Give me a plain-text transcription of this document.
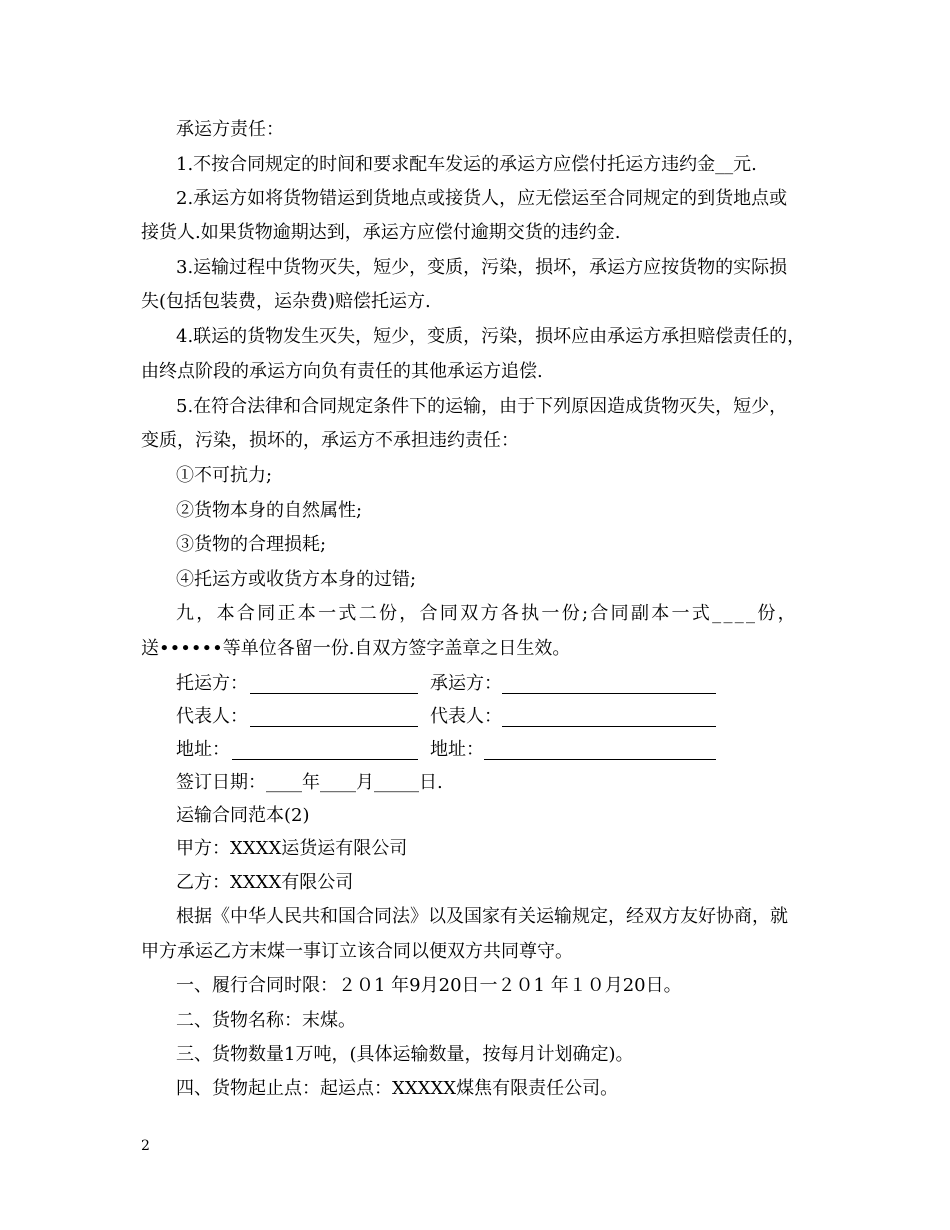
承运方责任：
1.不按合同规定的时间和要求配车发运的承运方应偿付托运方违约金__元.
2.承运方如将货物错运到货地点或接货人，应无偿运至合同规定的到货地点或
接货人.如果货物逾期达到，承运方应偿付逾期交货的违约金.
3.运输过程中货物灭失，短少，变质，污染，损坏，承运方应按货物的实际损
失(包括包装费，运杂费)赔偿托运方.
4.联运的货物发生灭失，短少，变质，污染，损坏应由承运方承担赔偿责任的，
由终点阶段的承运方向负有责任的其他承运方追偿.
5.在符合法律和合同规定条件下的运输，由于下列原因造成货物灭失，短少，
变质，污染，损坏的，承运方不承担违约责任：
①不可抗力;
②货物本身的自然属性;
③货物的合理损耗;
④托运方或收货方本身的过错;
九，本合同正本一式二份，合同双方各执一份;合同副本一式____份，
送••••••等单位各留一份.自双方签字盖章之日生效。
托运方：	承运方：
代表人：	代表人：
地址：	地址：
签订日期：____年____月_____日.
运输合同范本(2)
甲方：XXXX运货运有限公司
乙方：XXXX有限公司
根据《中华人民共和国合同法》以及国家有关运输规定，经双方友好协商，就
甲方承运乙方末煤一事订立该合同以便双方共同尊守。
一、履行合同时限：２０1 年9月20日一２０1 年１０月20日。
二、货物名称：末煤。
三、货物数量1万吨，(具体运输数量，按每月计划确定)。
四、货物起止点：起运点：XXXXX煤焦有限责任公司。
2
